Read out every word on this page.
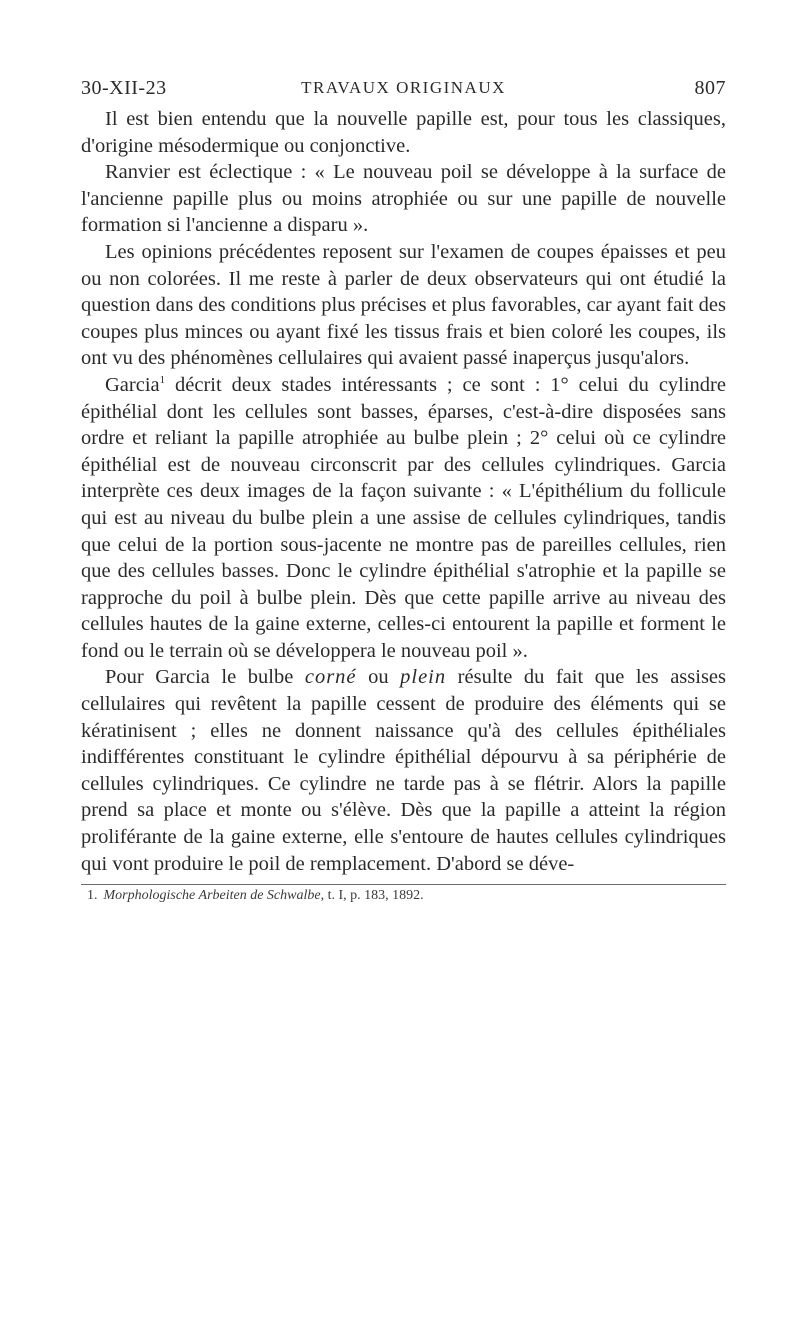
30-XII-23	TRAVAUX ORIGINAUX	807

Il est bien entendu que la nouvelle papille est, pour tous les classiques, d'origine mésodermique ou conjonctive.

Ranvier est éclectique : « Le nouveau poil se développe à la surface de l'ancienne papille plus ou moins atrophiée ou sur une papille de nouvelle formation si l'ancienne a disparu ».

Les opinions précédentes reposent sur l'examen de coupes épaisses et peu ou non colorées. Il me reste à parler de deux observateurs qui ont étudié la question dans des conditions plus précises et plus favorables, car ayant fait des coupes plus minces ou ayant fixé les tissus frais et bien coloré les coupes, ils ont vu des phénomènes cellulaires qui avaient passé inaperçus jusqu'alors.

Garcia$^1$ décrit deux stades intéressants ; ce sont : 1° celui du cylindre épithélial dont les cellules sont basses, éparses, c'est-à-dire disposées sans ordre et reliant la papille atrophiée au bulbe plein ; 2° celui où ce cylindre épithélial est de nouveau circonscrit par des cellules cylindriques. Garcia interprète ces deux images de la façon suivante : « L'épithélium du follicule qui est au niveau du bulbe plein a une assise de cellules cylindriques, tandis que celui de la portion sous-jacente ne montre pas de pareilles cellules, rien que des cellules basses. Donc le cylindre épithélial s'atrophie et la papille se rapproche du poil à bulbe plein. Dès que cette papille arrive au niveau des cellules hautes de la gaine externe, celles-ci entourent la papille et forment le fond ou le terrain où se développera le nouveau poil ».

Pour Garcia le bulbe corné ou plein résulte du fait que les assises cellulaires qui revêtent la papille cessent de produire des éléments qui se kératinisent ; elles ne donnent naissance qu'à des cellules épithéliales indifférentes constituant le cylindre épithélial dépourvu à sa périphérie de cellules cylindriques. Ce cylindre ne tarde pas à se flétrir. Alors la papille prend sa place et monte ou s'élève. Dès que la papille a atteint la région proliférante de la gaine externe, elle s'entoure de hautes cellules cylindriques qui vont produire le poil de remplacement. D'abord se déve-

1. Morphologische Arbeiten de Schwalbe, t. I, p. 183, 1892.
